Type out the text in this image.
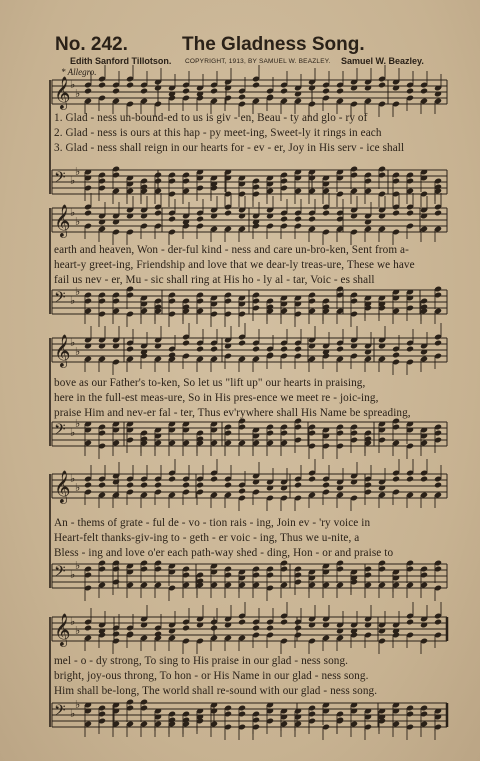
No. 242.	The Gladness Song.
Edith Sanford Tillotson. COPYRIGHT, 1913, BY SAMUEL W. BEAZLEY. Samuel W. Beazley.
* Allegro.
𝄞 ♭
♭
𝄢 ♭
♭
𝄞 ♭
♭
𝄢 ♭
♭
𝄞 ♭
♭
𝄢 ♭
♭
𝄞 ♭
♭
𝄢 ♭
♭
𝄞 ♭
♭
𝄢 ♭
♭
1. Glad - ness un-bound-ed to us is giv - en, Beau - ty and glo - ry of
2. Glad - ness is ours at this hap - py meet-ing, Sweet-ly it rings in each
3. Glad - ness shall reign in our hearts for - ev - er, Joy in His serv - ice shall
earth and heaven, Won - der-ful kind - ness and care un-bro-ken, Sent from a-
heart-y greet-ing, Friendship and love that we dear-ly treas-ure, These we have
fail us nev - er, Mu - sic shall ring at His ho - ly al - tar, Voic - es shall
bove as our Father's to-ken, So let us "lift up" our hearts in praising,
here in the full-est meas-ure, So in His pres-ence we meet re - joic-ing,
praise Him and nev-er fal - ter, Thus ev'rywhere shall His Name be spreading,
An - thems of grate - ful de - vo - tion rais - ing, Join ev - 'ry voice in
Heart-felt thanks-giv-ing to - geth - er voic - ing, Thus we u-nite, a
Bless - ing and love o'er each path-way shed - ding, Hon - or and praise to
mel - o - dy strong, To sing to His praise in our glad - ness song.
bright, joy-ous throng, To hon - or His Name in our glad - ness song.
Him shall be-long, The world shall re-sound with our glad - ness song.
